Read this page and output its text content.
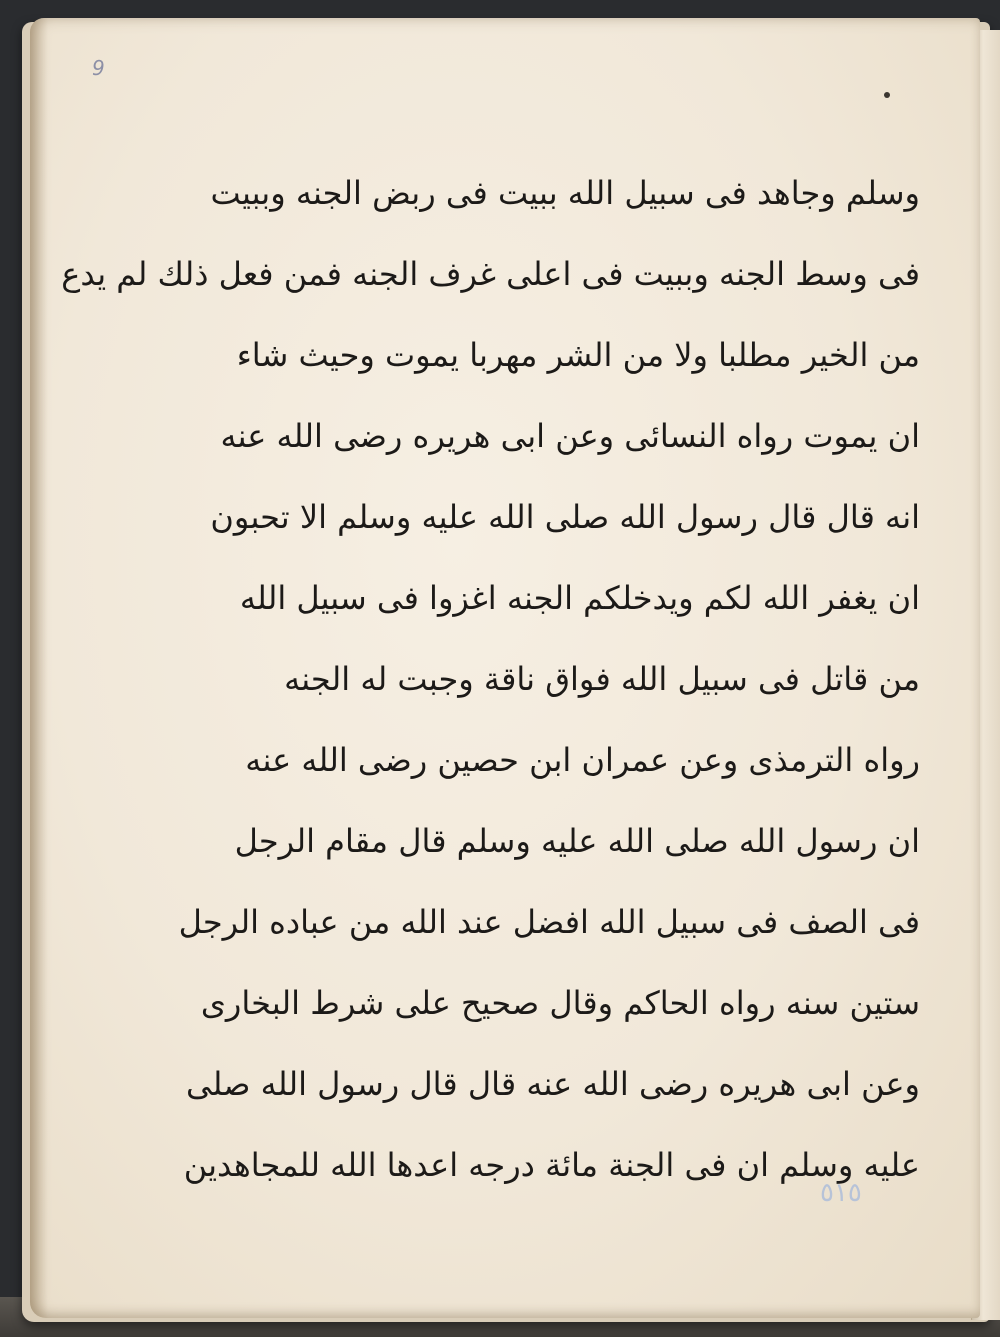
9
وسلم وجاهد فى سبيل الله ببيت فى ربض الجنه وببيت
فى وسط الجنه وببيت فى اعلى غرف الجنه فمن فعل ذلك لم يدع
من الخير مطلبا ولا من الشر مهربا يموت وحيث شاء
ان يموت رواه النسائى وعن ابى هريره رضى الله عنه
انه قال قال رسول الله صلى الله عليه وسلم الا تحبون
ان يغفر الله لكم ويدخلكم الجنه اغزوا فى سبيل الله
من قاتل فى سبيل الله فواق ناقة وجبت له الجنه
رواه الترمذى وعن عمران ابن حصين رضى الله عنه
ان رسول الله صلى الله عليه وسلم قال مقام الرجل
فى الصف فى سبيل الله افضل عند الله من عباده الرجل
ستين سنه رواه الحاكم وقال صحيح على شرط البخارى
وعن ابى هريره رضى الله عنه قال قال رسول الله صلى
عليه وسلم ان فى الجنة مائة درجه اعدها الله للمجاهدين
٥١٥
